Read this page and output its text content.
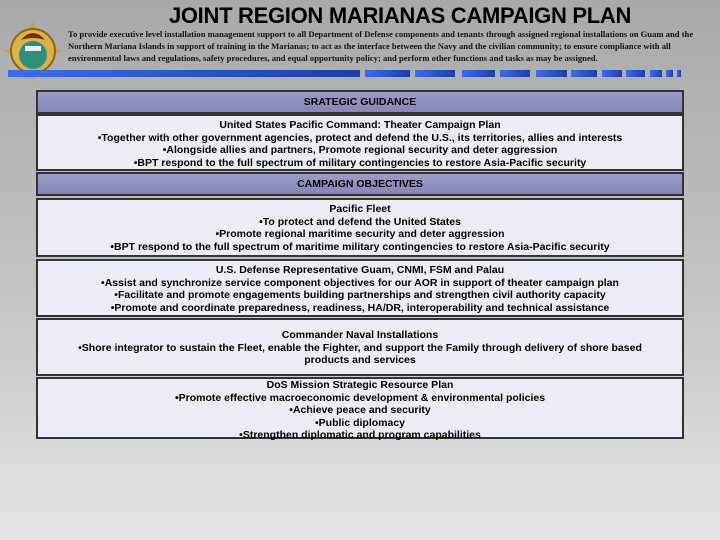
JOINT REGION MARIANAS CAMPAIGN PLAN
To provide executive level installation management support to all Department of Defense components and tenants through assigned regional installations on Guam and the Northern Mariana Islands in support of training in the Marianas; to act as the interface between the Navy and the civilian community; to ensure compliance with all environmental laws and regulations, safety procedures, and equal opportunity policy; and perform other functions and tasks as may be assigned.
SRATEGIC GUIDANCE
United States Pacific Command: Theater Campaign Plan
•Together with other government agencies, protect and defend the U.S., its territories, allies and interests
•Alongside allies and partners, Promote regional security and deter aggression
•BPT respond to the full spectrum of military contingencies to restore Asia-Pacific security
CAMPAIGN OBJECTIVES
Pacific Fleet
•To protect and defend the United States
•Promote regional maritime security and deter aggression
•BPT respond to the full spectrum of maritime military contingencies to restore Asia-Pacific security
U.S. Defense Representative Guam, CNMI, FSM and Palau
•Assist and synchronize service component objectives for our AOR in support of theater campaign plan
•Facilitate and promote engagements building partnerships and strengthen civil authority capacity
•Promote and coordinate preparedness, readiness, HA/DR, interoperability and technical assistance
Commander Naval Installations
•Shore integrator to sustain the Fleet, enable the Fighter, and support the Family through delivery of shore based products and services
DoS Mission Strategic Resource Plan
•Promote effective macroeconomic development & environmental policies
•Achieve peace and security
•Public diplomacy
•Strengthen diplomatic and program capabilities
